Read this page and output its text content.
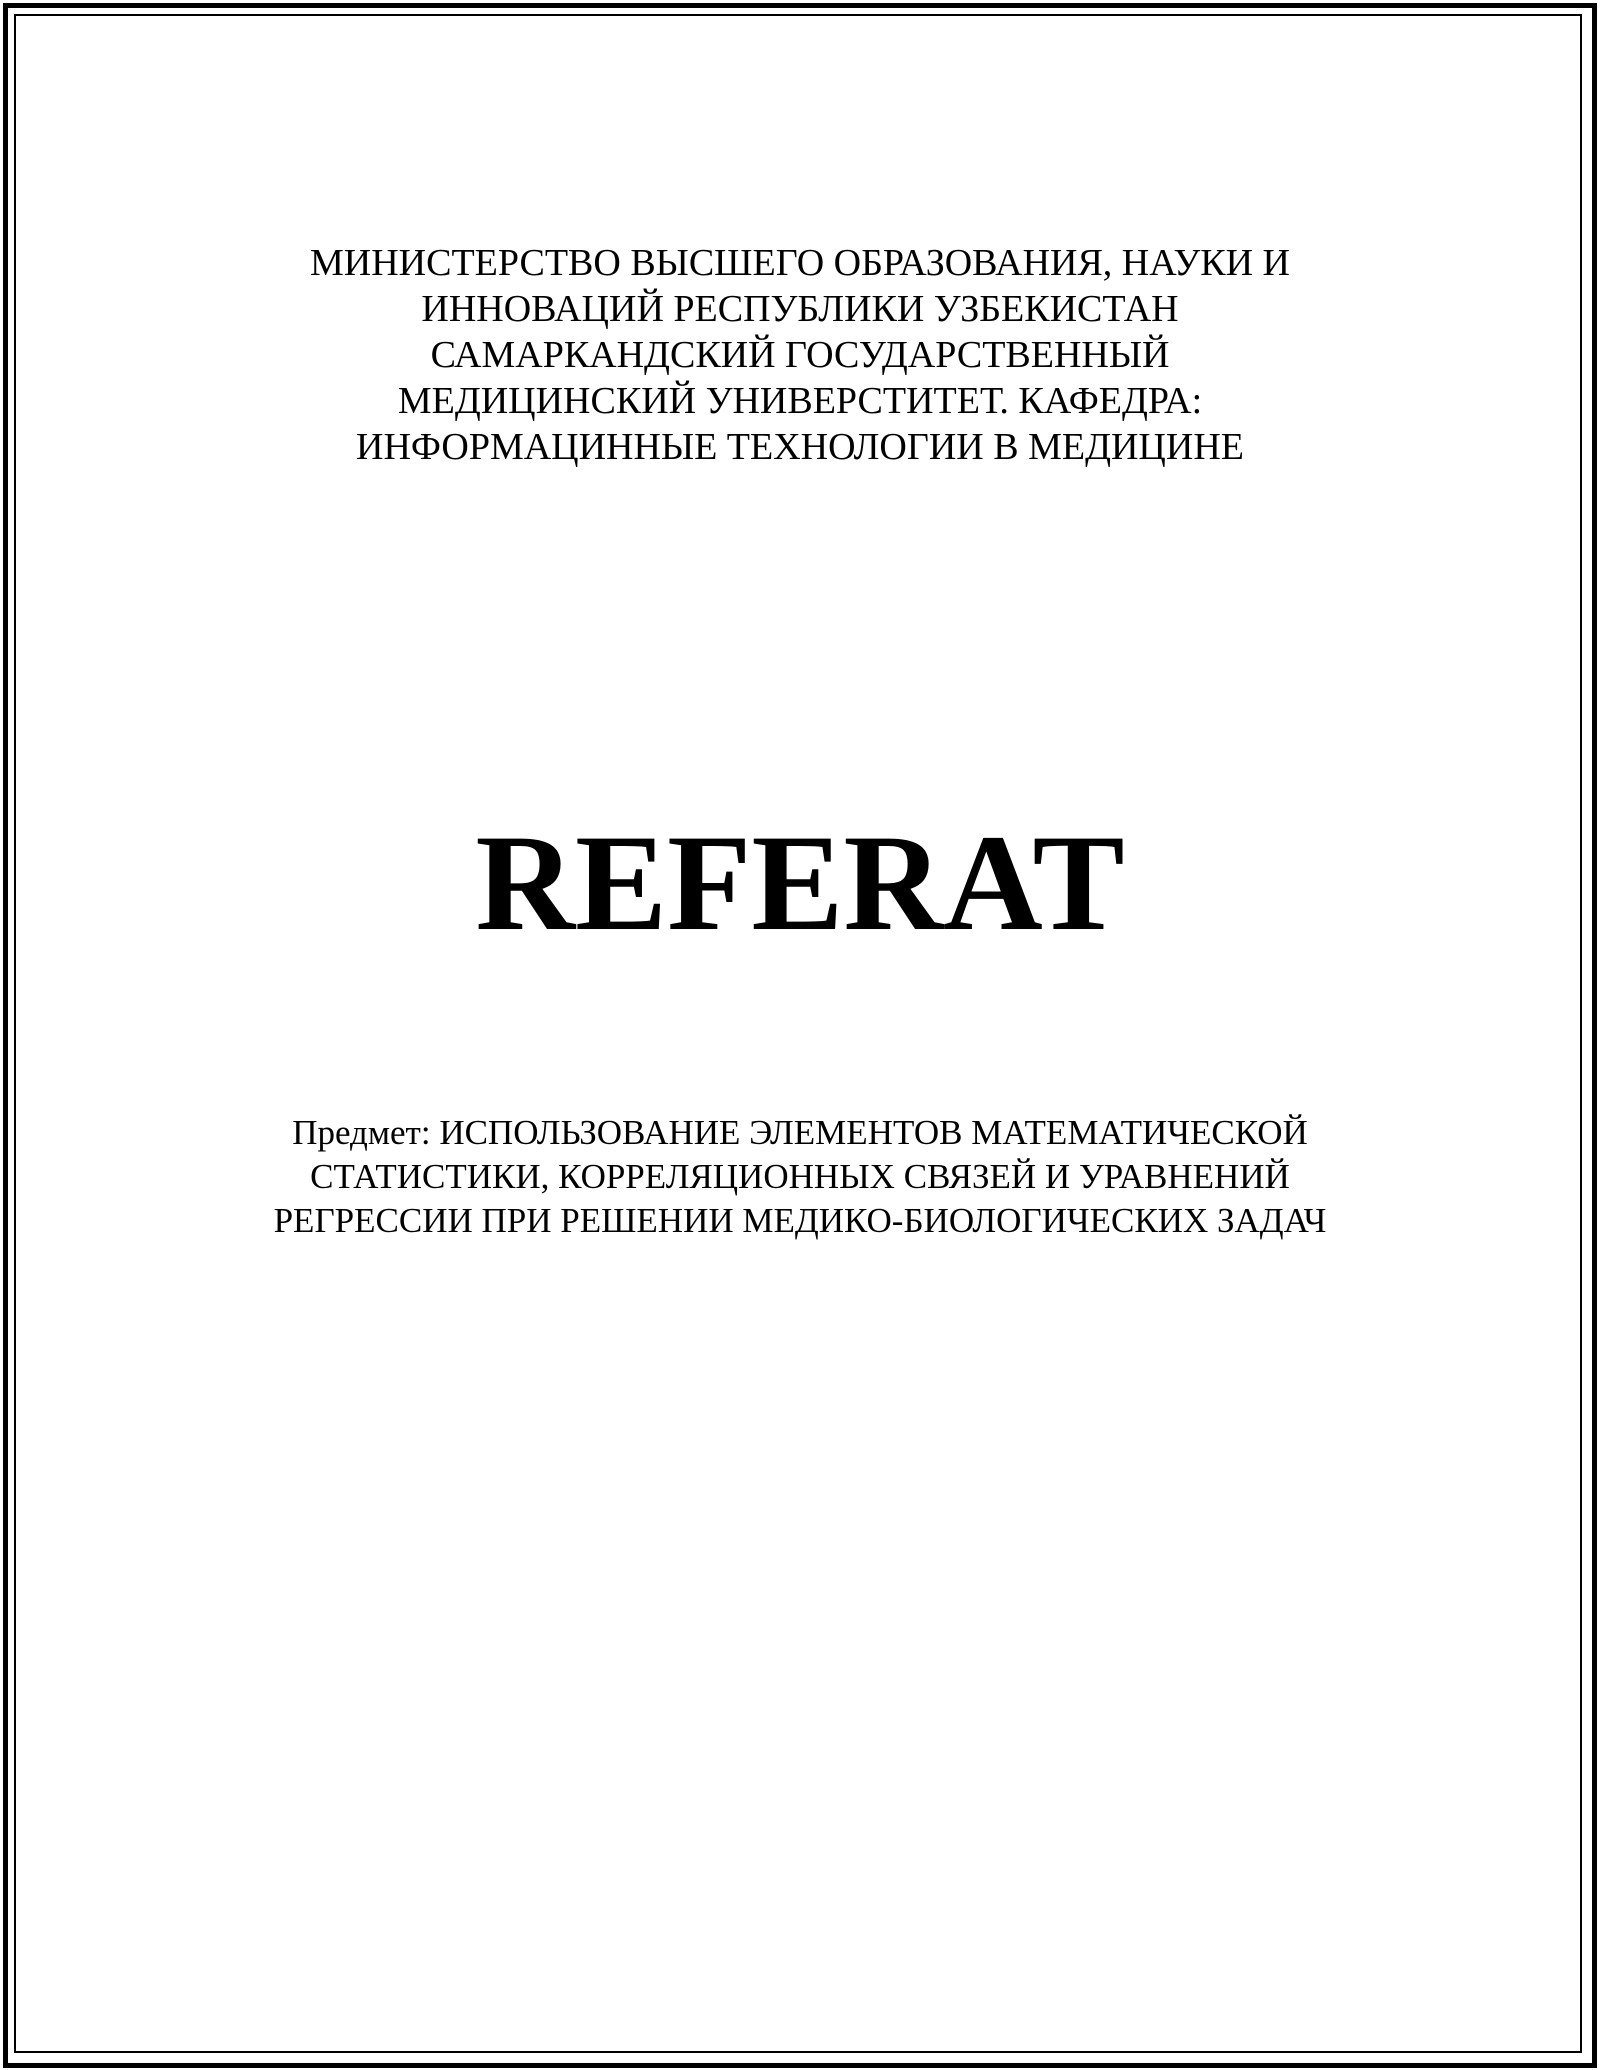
МИНИСТЕРСТВО ВЫСШЕГО ОБРАЗОВАНИЯ, НАУКИ И
ИННОВАЦИЙ РЕСПУБЛИКИ УЗБЕКИСТАН
САМАРКАНДСКИЙ ГОСУДАРСТВЕННЫЙ
МЕДИЦИНСКИЙ УНИВЕРСТИТЕТ. КАФЕДРА:
ИНФОРМАЦИННЫЕ ТЕХНОЛОГИИ В МЕДИЦИНЕ
REFERAT
Предмет: ИСПОЛЬЗОВАНИЕ ЭЛЕМЕНТОВ МАТЕМАТИЧЕСКОЙ
СТАТИСТИКИ, КОРРЕЛЯЦИОННЫХ СВЯЗЕЙ И УРАВНЕНИЙ
РЕГРЕССИИ ПРИ РЕШЕНИИ МЕДИКО-БИОЛОГИЧЕСКИХ ЗАДАЧ
